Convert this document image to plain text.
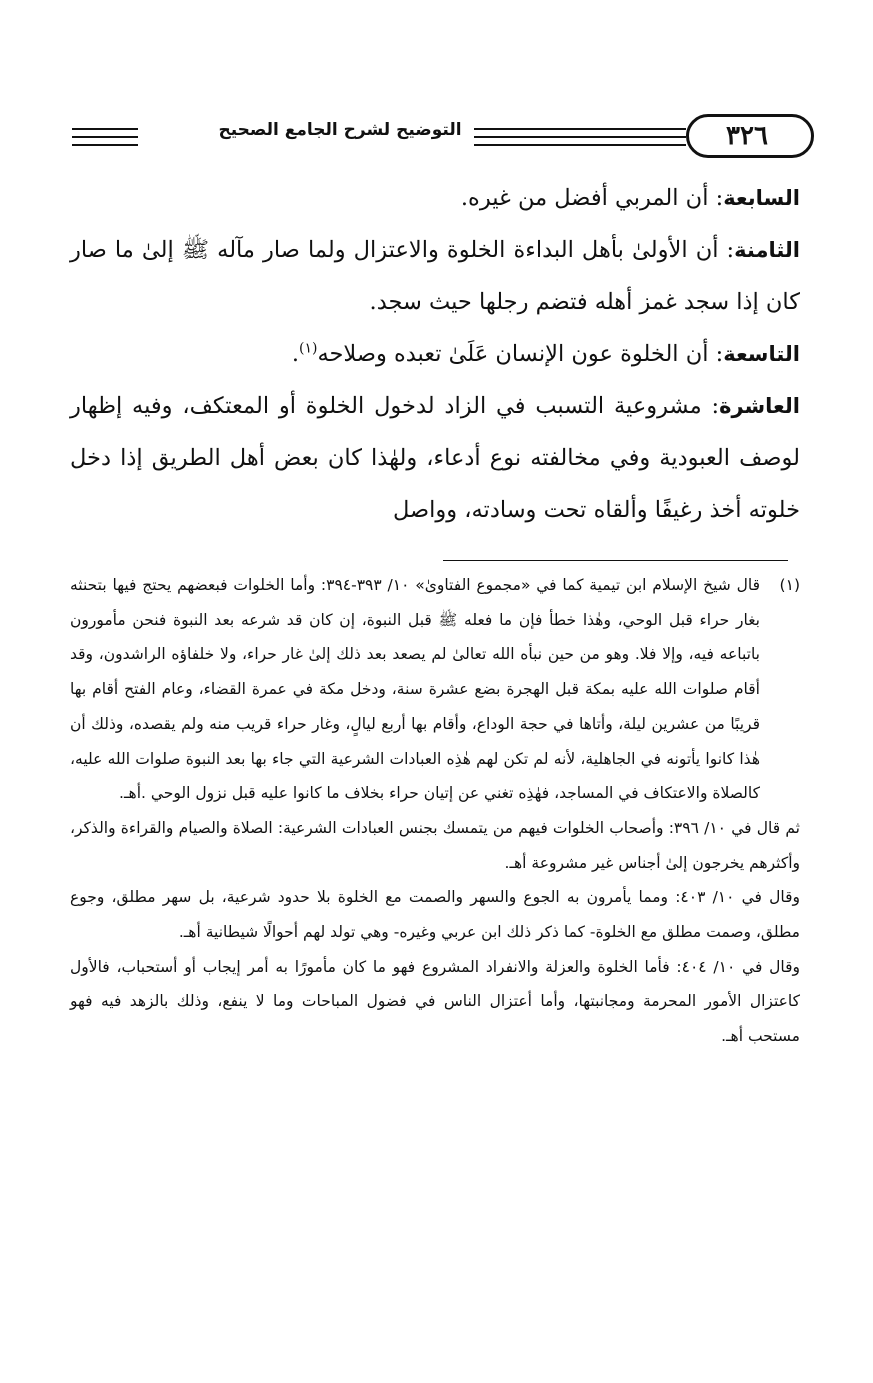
التوضيح لشرح الجامع الصحيح	٣٢٦

السابعة: أن المربي أفضل من غيره.

الثامنة: أن الأولىٰ بأهل البداءة الخلوة والاعتزال ولما صار مآله ﷺ إلىٰ ما صار كان إذا سجد غمز أهله فتضم رجلها حيث سجد.

التاسعة: أن الخلوة عون الإنسان عَلَىٰ تعبده وصلاحه$^{(١)}$.

العاشرة: مشروعية التسبب في الزاد لدخول الخلوة أو المعتكف، وفيه إظهار لوصف العبودية وفي مخالفته نوع أدعاء، ولهٰذا كان بعض أهل الطريق إذا دخل خلوته أخذ رغيفًا وألقاه تحت وسادته، وواصل

(١)

قال شيخ الإسلام ابن تيمية كما في «مجموع الفتاوىٰ» ١٠/ ٣٩٣-٣٩٤: وأما الخلوات فبعضهم يحتج فيها بتحنثه بغار حراء قبل الوحي، وهٰذا خطأ فإن ما فعله ﷺ قبل النبوة، إن كان قد شرعه بعد النبوة فنحن مأمورون باتباعه فيه، وإلا فلا. وهو من حين نبأه الله تعالىٰ لم يصعد بعد ذلك إلىٰ غار حراء، ولا خلفاؤه الراشدون، وقد أقام صلوات الله عليه بمكة قبل الهجرة بضع عشرة سنة، ودخل مكة في عمرة القضاء، وعام الفتح أقام بها قريبًا من عشرين ليلة، وأتاها في حجة الوداع، وأقام بها أربع ليالٍ، وغار حراء قريب منه ولم يقصده، وذلك أن هٰذا كانوا يأتونه في الجاهلية، لأنه لم تكن لهم هٰذِه العبادات الشرعية التي جاء بها بعد النبوة صلوات الله عليه، كالصلاة والاعتكاف في المساجد، فهٰذِه تغني عن إتيان حراء بخلاف ما كانوا عليه قبل نزول الوحي .أهـ.

ثم قال في ١٠/ ٣٩٦: وأصحاب الخلوات فيهم من يتمسك بجنس العبادات الشرعية: الصلاة والصيام والقراءة والذكر، وأكثرهم يخرجون إلىٰ أجناس غير مشروعة أهـ.

وقال في ١٠/ ٤٠٣: ومما يأمرون به الجوع والسهر والصمت مع الخلوة بلا حدود شرعية، بل سهر مطلق، وجوع مطلق، وصمت مطلق مع الخلوة- كما ذكر ذلك ابن عربي وغيره- وهي تولد لهم أحوالًا شيطانية أهـ.

وقال في ١٠/ ٤٠٤: فأما الخلوة والعزلة والانفراد المشروع فهو ما كان مأمورًا به أمر إيجاب أو أستحباب، فالأول كاعتزال الأمور المحرمة ومجانبتها، وأما أعتزال الناس في فضول المباحات وما لا ينفع، وذلك بالزهد فيه فهو مستحب أهـ.
